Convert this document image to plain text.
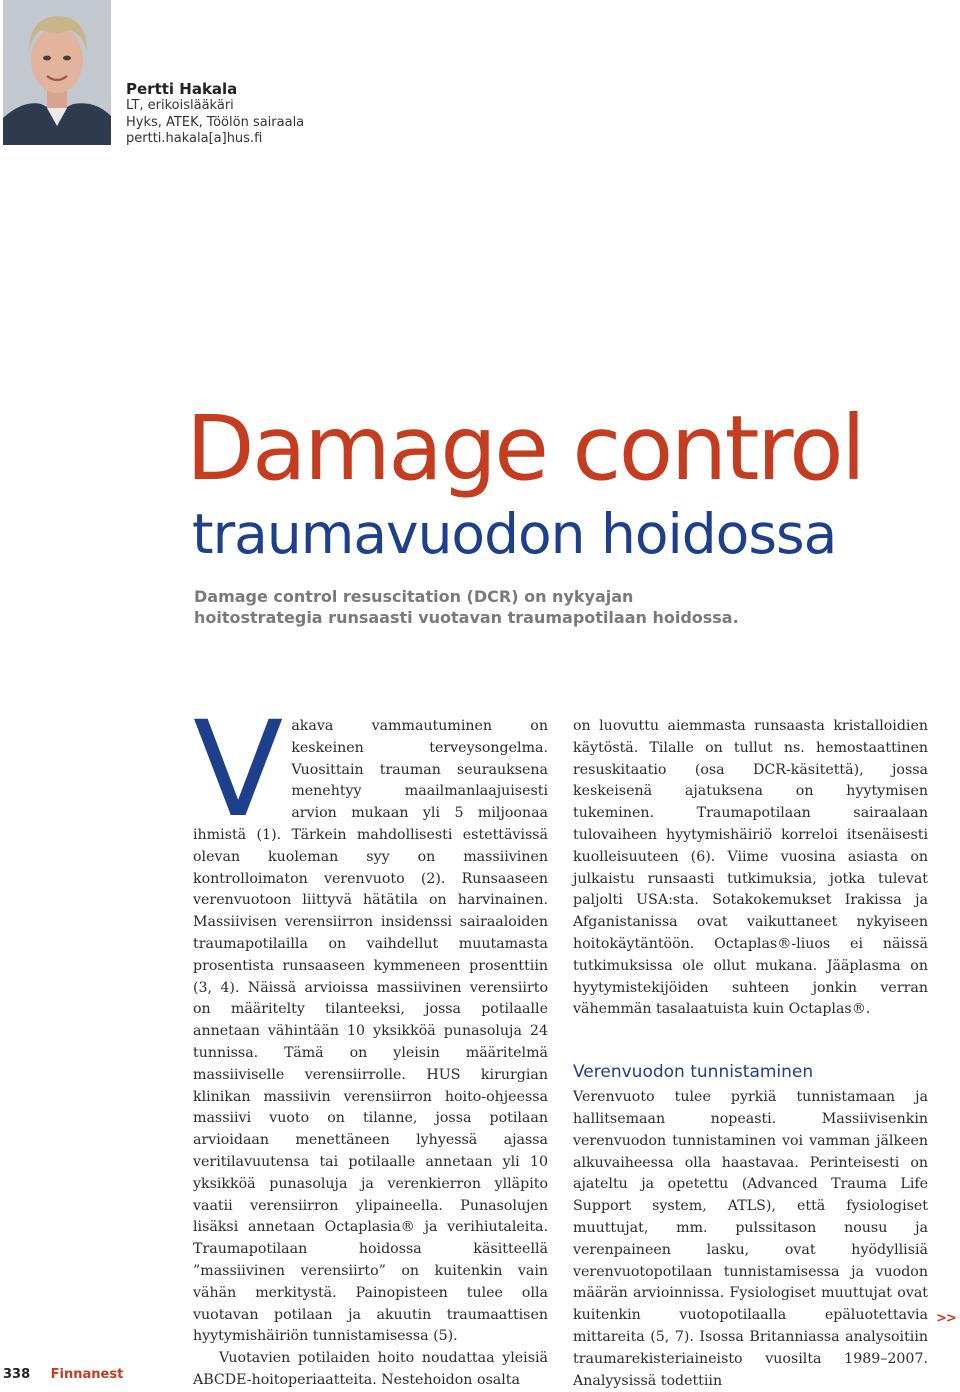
Pertti Hakala
LT, erikoislääkäri
Hyks, ATEK, Töölön sairaala
pertti.hakala[a]hus.fi
Damage control
traumavuodon hoidossa
Damage control resuscitation (DCR) on nykyajan hoitostrategia runsaasti vuotavan traumapotilaan hoidossa.
V akava vammautuminen on keskeinen terveysongelma. Vuosittain trauman seurauksena menehtyy maailmanlaajuisesti arvion mukaan yli 5 miljoonaa ihmistä (1). Tärkein mahdollisesti estettävissä olevan kuoleman syy on massiivinen kontrolloimaton verenvuoto (2). Runsaaseen verenvuotoon liittyvä hätätila on harvinainen. Massiivisen verensiirron insidenssi sairaaloiden traumapotilailla on vaihdellut muutamasta prosentista runsaaseen kymmeneen prosenttiin (3, 4). Näissä arvioissa massiivinen verensiirto on määritelty tilanteeksi, jossa potilaalle annetaan vähintään 10 yksikköä punasoluja 24 tunnissa. Tämä on yleisin määritelmä massiiviselle verensiirrolle. HUS kirurgian klinikan massiivin verensiirron hoito-ohjeessa massiivi vuoto on tilanne, jossa potilaan arvioidaan menettäneen lyhyessä ajassa veritilavuutensa tai potilaalle annetaan yli 10 yksikköä punasoluja ja verenkierron ylläpito vaatii verensiirron ylipaineella. Punasolujen lisäksi annetaan Octaplasia® ja verihiutaleita. Traumapotilaan hoidossa käsitteellä ”massiivinen verensiirto” on kuitenkin vain vähän merkitystä. Painopisteen tulee olla vuotavan potilaan ja akuutin traumaattisen hyytymishäiriön tunnistamisessa (5).

Vuotavien potilaiden hoito noudattaa yleisiä ABCDE-hoitoperiaatteita. Nestehoidon osalta

on luovuttu aiemmasta runsaasta kristalloidien käytöstä. Tilalle on tullut ns. hemostaattinen resuskitaatio (osa DCR-käsitettä), jossa keskeisenä ajatuksena on hyytymisen tukeminen. Traumapotilaan sairaalaan tulovaiheen hyytymishäiriö korreloi itsenäisesti kuolleisuuteen (6). Viime vuosina asiasta on julkaistu runsaasti tutkimuksia, jotka tulevat paljolti USA:sta. Sotakokemukset Irakissa ja Afganistanissa ovat vaikuttaneet nykyiseen hoitokäytäntöön. Octaplas®-liuos ei näissä tutkimuksissa ole ollut mukana. Jääplasma on hyytymistekijöiden suhteen jonkin verran vähemmän tasalaatuista kuin Octaplas®.

Verenvuodon tunnistaminen

Verenvuoto tulee pyrkiä tunnistamaan ja hallitsemaan nopeasti. Massiivisenkin verenvuodon tunnistaminen voi vamman jälkeen alkuvaiheessa olla haastavaa. Perinteisesti on ajateltu ja opetettu (Advanced Trauma Life Support system, ATLS), että fysiologiset muuttujat, mm. pulssitason nousu ja verenpaineen lasku, ovat hyödyllisiä verenvuotopotilaan tunnistamisessa ja vuodon määrän arvioinnissa. Fysiologiset muuttujat ovat kuitenkin vuotopotilaalla epäluotettavia mittareita (5, 7). Isossa Britanniassa analysoitiin traumarekisteriaineisto vuosilta 1989–2007. Analyysissä todettiin

>>
338 Finnanest
